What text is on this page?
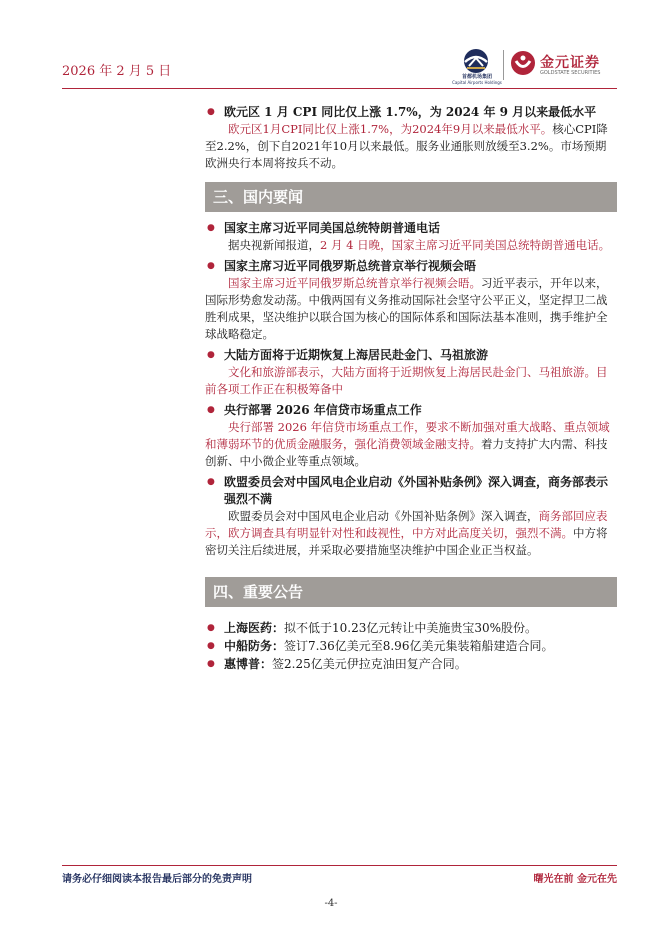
2026 年 2 月 5 日	首都机场集团
Capital Airports Holdings
金元证券
GOLDSTATE SECURITIES
● 欧元区 1 月 CPI 同比仅上涨 1.7%，为 2024 年 9 月以来最低水平
欧元区1月CPI同比仅上涨1.7%，为2024年9月以来最低水平。核心CPI降至2.2%，创下自2021年10月以来最低。服务业通胀则放缓至3.2%。市场预期欧洲央行本周将按兵不动。
三、国内要闻
● 国家主席习近平同美国总统特朗普通电话
据央视新闻报道，2 月 4 日晚，国家主席习近平同美国总统特朗普通电话。
● 国家主席习近平同俄罗斯总统普京举行视频会晤
国家主席习近平同俄罗斯总统普京举行视频会晤。习近平表示，开年以来，国际形势愈发动荡。中俄两国有义务推动国际社会坚守公平正义，坚定捍卫二战胜利成果，坚决维护以联合国为核心的国际体系和国际法基本准则，携手维护全球战略稳定。
● 大陆方面将于近期恢复上海居民赴金门、马祖旅游
文化和旅游部表示，大陆方面将于近期恢复上海居民赴金门、马祖旅游。目前各项工作正在积极筹备中
● 央行部署 2026 年信贷市场重点工作
央行部署 2026 年信贷市场重点工作，要求不断加强对重大战略、重点领域和薄弱环节的优质金融服务，强化消费领域金融支持。着力支持扩大内需、科技创新、中小微企业等重点领域。
● 欧盟委员会对中国风电企业启动《外国补贴条例》深入调查，商务部表示强烈不满
欧盟委员会对中国风电企业启动《外国补贴条例》深入调查，商务部回应表示，欧方调查具有明显针对性和歧视性，中方对此高度关切，强烈不满。中方将密切关注后续进展，并采取必要措施坚决维护中国企业正当权益。
四、重要公告
● 上海医药：拟不低于10.23亿元转让中美施贵宝30%股份。
● 中船防务：签订7.36亿美元至8.96亿美元集装箱船建造合同。
● 惠博普：签2.25亿美元伊拉克油田复产合同。
请务必仔细阅读本报告最后部分的免责声明	曙光在前 金元在先
-4-
